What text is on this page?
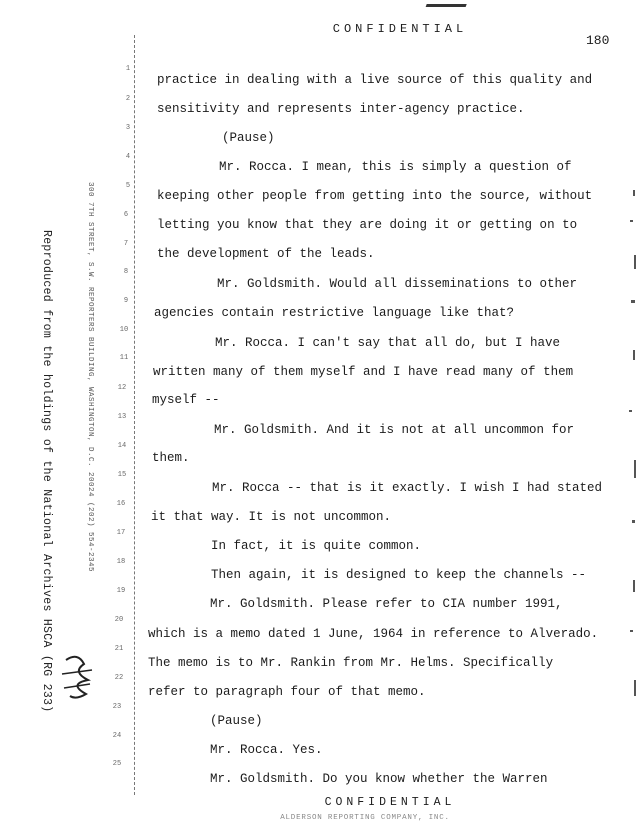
CONFIDENTIAL
180
Reproduced from the holdings of the National Archives HSCA (RG 233)	300 7TH STREET, S.W. REPORTERS BUILDING, WASHINGTON, D.C. 20024 (202) 554-2345
1
2
3
4
5
6
7
8
9
10
11
12
13
14
15
16
17
18
19
20
21
22
23
24
25
practice in dealing with a live source of this quality and
sensitivity and represents inter-agency practice.
(Pause)
Mr. Rocca. I mean, this is simply a question of
keeping other people from getting into the source, without
letting you know that they are doing it or getting on to
the development of the leads.
Mr. Goldsmith. Would all disseminations to other
agencies contain restrictive language like that?
Mr. Rocca. I can't say that all do, but I have
written many of them myself and I have read many of them
myself --
Mr. Goldsmith. And it is not at all uncommon for
them.
Mr. Rocca -- that is it exactly. I wish I had stated
it that way. It is not uncommon.
In fact, it is quite common.
Then again, it is designed to keep the channels --
Mr. Goldsmith. Please refer to CIA number 1991,
which is a memo dated 1 June, 1964 in reference to Alverado.
The memo is to Mr. Rankin from Mr. Helms. Specifically
refer to paragraph four of that memo.
(Pause)
Mr. Rocca. Yes.
Mr. Goldsmith. Do you know whether the Warren
CONFIDENTIAL
ALDERSON REPORTING COMPANY, INC.
